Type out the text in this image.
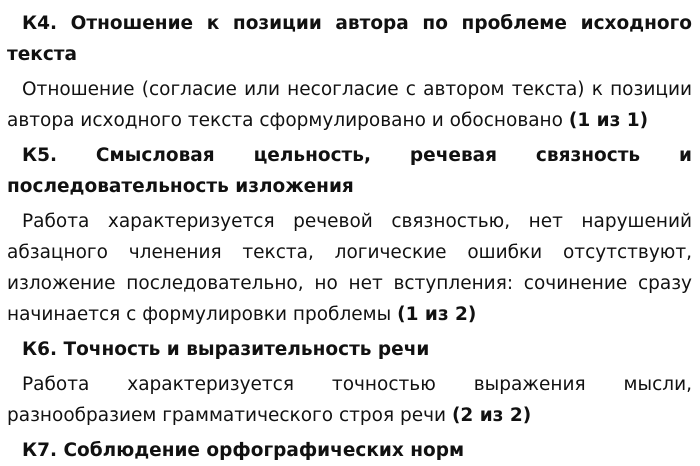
К4. Отношение к позиции автора по проблеме исходного текста
Отношение (согласие или несогласие с автором текста) к позиции автора исходного текста сформулировано и обосновано (1 из 1)
К5. Смысловая цельность, речевая связность и последовательность изложения
Работа характеризуется речевой связностью, нет нарушений абзацного членения текста, логические ошибки отсутствуют, изложение последовательно, но нет вступления: сочинение сразу начинается с формулировки проблемы (1 из 2)
К6. Точность и выразительность речи
Работа характеризуется точностью выражения мысли, разнообразием грамматического строя речи (2 из 2)
К7. Соблюдение орфографических норм
